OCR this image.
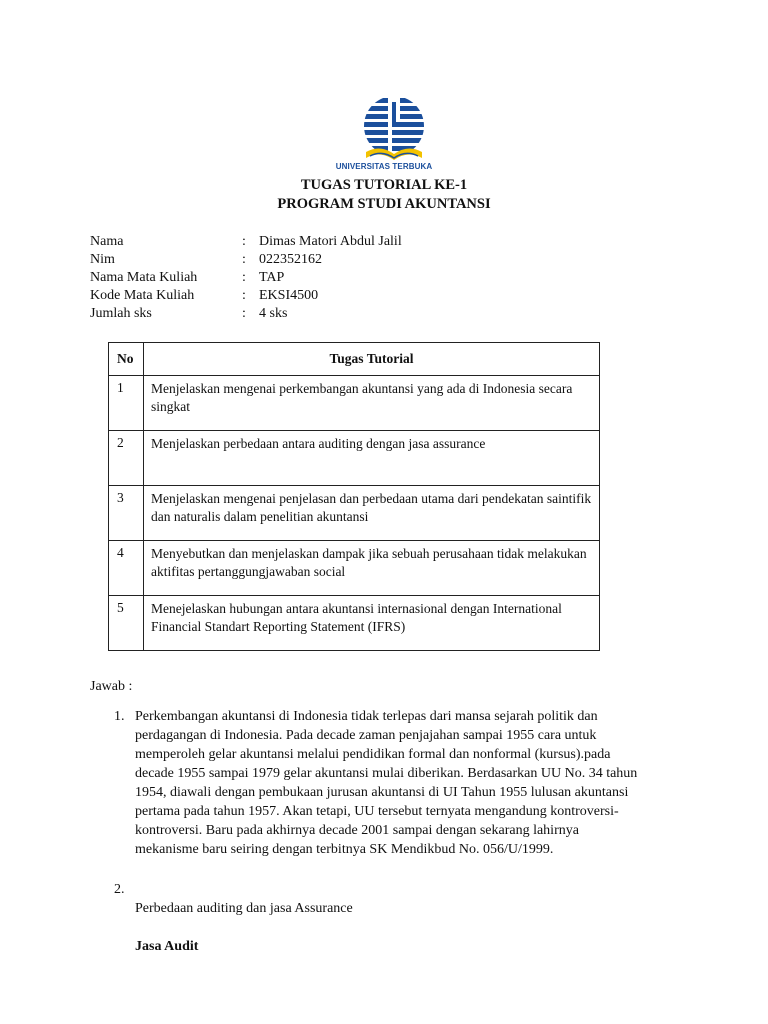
UNIVERSITAS TERBUKA
TUGAS TUTORIAL KE-1
PROGRAM STUDI AKUNTANSI
Nama	: Dimas Matori Abdul Jalil
Nim	: 022352162
Nama Mata Kuliah	: TAP
Kode Mata Kuliah	: EKSI4500
Jumlah sks	: 4 sks
No	Tugas Tutorial
1	Menjelaskan mengenai perkembangan akuntansi yang ada di Indonesia secara singkat
2	Menjelaskan perbedaan antara auditing dengan jasa assurance
3	Menjelaskan mengenai penjelasan dan perbedaan utama dari pendekatan saintifik dan naturalis dalam penelitian akuntansi
4	Menyebutkan dan menjelaskan dampak jika sebuah perusahaan tidak melakukan aktifitas pertanggungjawaban social
5	Menejelaskan hubungan antara akuntansi internasional dengan International Financial Standart Reporting Statement (IFRS)
Jawab :
1. Perkembangan akuntansi di Indonesia tidak terlepas dari mansa sejarah politik dan
perdagangan di Indonesia. Pada decade zaman penjajahan sampai 1955 cara untuk
memperoleh gelar akuntansi melalui pendidikan formal dan nonformal (kursus).pada
decade 1955 sampai 1979 gelar akuntansi mulai diberikan. Berdasarkan UU No. 34 tahun
1954, diawali dengan pembukaan jurusan akuntansi di UI Tahun 1955 lulusan akuntansi
pertama pada tahun 1957. Akan tetapi, UU tersebut ternyata mengandung kontroversi-
kontroversi. Baru pada akhirnya decade 2001 sampai dengan sekarang lahirnya
mekanisme baru seiring dengan terbitnya SK Mendikbud No. 056/U/1999.
2.

Perbedaan auditing dan jasa Assurance

Jasa Audit
